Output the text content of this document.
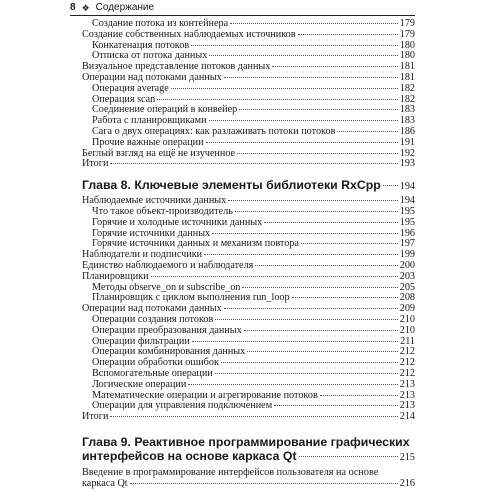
8 ❖ Содержание
Создание потока из контейнера	179
Создание собственных наблюдаемых источников	179
Конкатенация потоков	180
Отписка от потока данных	180
Визуальное представление потоков данных	181
Операции над потоками данных	181
Операция average	182
Операция scan	182
Соединение операций в конвейер	183
Работа с планировщиками	183
Сага о двух операциях: как разлаживать потоки потоков	186
Прочие важные операции	191
Беглый взгляд на ещё не изученное	192
Итоги	193
Глава 8. Ключевые элементы библиотеки RxCpp 194
Наблюдаемые источники данных	194
Что такое объект-производитель	195
Горячие и холодные источники данных	195
Горячие источники данных	196
Горячие источники данных и механизм повтора	197
Наблюдатели и подписчики	199
Единство наблюдаемого и наблюдателя	200
Планировщики	203
Методы observe_on и subscribe_on	205
Планировщик с циклом выполнения run_loop	208
Операции над потоками данных	209
Операции создания потоков	210
Операции преобразования данных	210
Операции фильтрации	211
Операции комбинирования данных	212
Операции обработки ошибок	212
Вспомогательные операции	212
Логические операции	213
Математические операции и агрегирование потоков	213
Операции для управления подключением	213
Итоги	214
Глава 9. Реактивное программирование графических
интерфейсов на основе каркаса Qt	215
Введение в программирование интерфейсов пользователя на основе
каркаса Qt	216
